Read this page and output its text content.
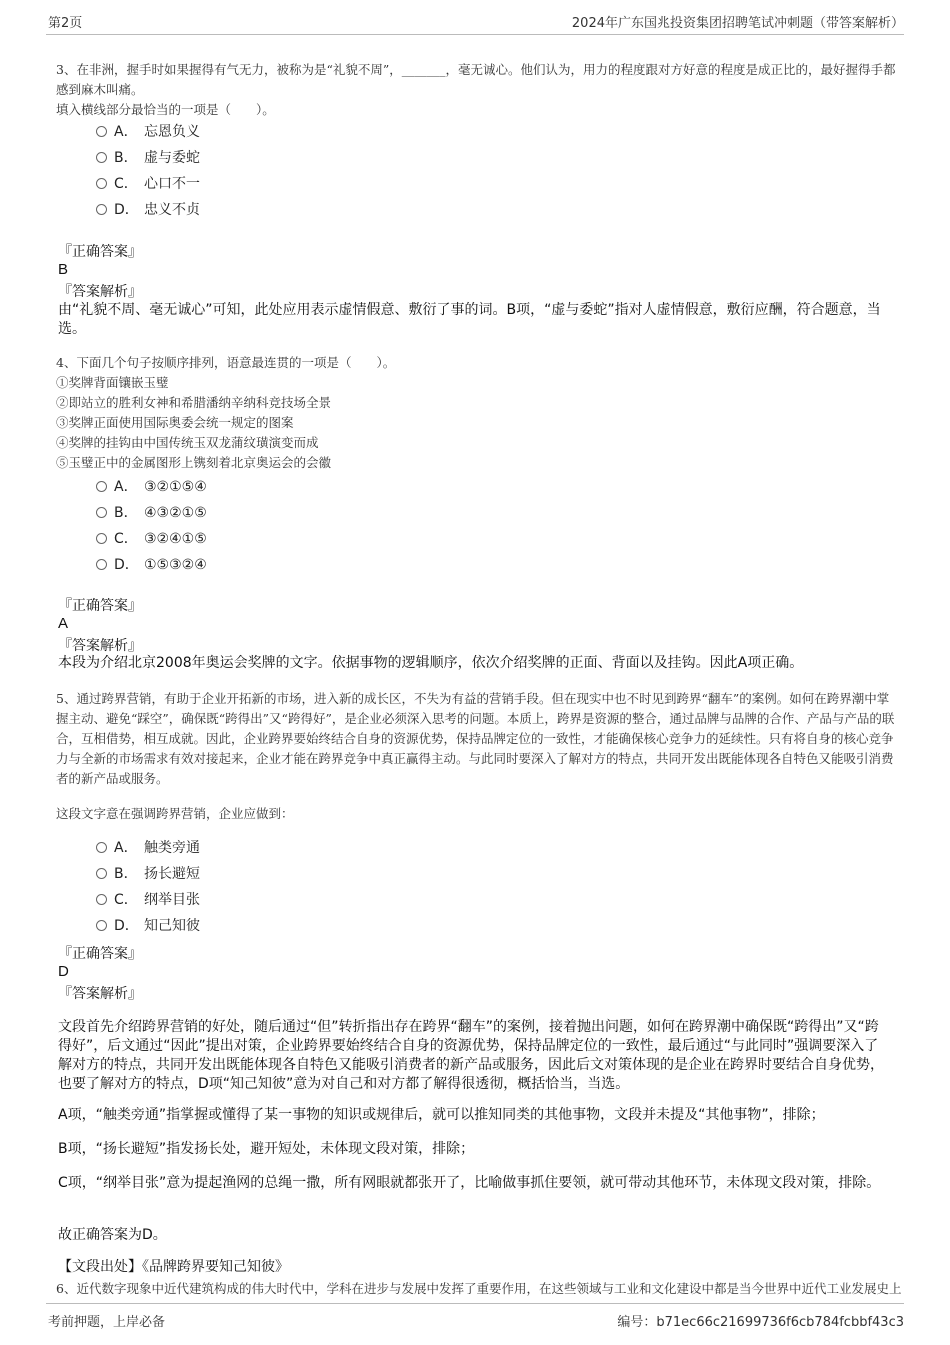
第2页	2024年广东国兆投资集团招聘笔试冲刺题（带答案解析）

3、在非洲，握手时如果握得有气无力，被称为是“礼貌不周”，_______，毫无诚心。他们认为，用力的程度跟对方好意的程度是成正比的，最好握得手都感到麻木叫痛。

填入横线部分最恰当的一项是（　　）。

A． 忘恩负义
B． 虚与委蛇
C． 心口不一
D． 忠义不贞
『正确答案』
B
『答案解析』

由“礼貌不周、毫无诚心”可知，此处应用表示虚情假意、敷衍了事的词。B项，“虚与委蛇”指对人虚情假意，敷衍应酬，符合题意，当选。

4、下面几个句子按顺序排列，语意最连贯的一项是（　　）。

①奖牌背面镶嵌玉璧

②即站立的胜利女神和希腊潘纳辛纳科竞技场全景

③奖牌正面使用国际奥委会统一规定的图案

④奖牌的挂钩由中国传统玉双龙蒲纹璜演变而成

⑤玉璧正中的金属图形上镌刻着北京奥运会的会徽

A． ③②①⑤④
B． ④③②①⑤
C． ③②④①⑤
D． ①⑤③②④
『正确答案』
A
『答案解析』

本段为介绍北京2008年奥运会奖牌的文字。依据事物的逻辑顺序，依次介绍奖牌的正面、背面以及挂钩。因此A项正确。

5、通过跨界营销，有助于企业开拓新的市场，进入新的成长区，不失为有益的营销手段。但在现实中也不时见到跨界“翻车”的案例。如何在跨界潮中掌握主动、避免“踩空”，确保既“跨得出”又“跨得好”，是企业必须深入思考的问题。本质上，跨界是资源的整合，通过品牌与品牌的合作、产品与产品的联合，互相借势，相互成就。因此，企业跨界要始终结合自身的资源优势，保持品牌定位的一致性，才能确保核心竞争力的延续性。只有将自身的核心竞争力与全新的市场需求有效对接起来，企业才能在跨界竞争中真正赢得主动。与此同时要深入了解对方的特点，共同开发出既能体现各自特色又能吸引消费者的新产品或服务。

这段文字意在强调跨界营销，企业应做到：

A． 触类旁通
B． 扬长避短
C． 纲举目张
D． 知己知彼
『正确答案』
D
『答案解析』

文段首先介绍跨界营销的好处，随后通过“但”转折指出存在跨界“翻车”的案例，接着抛出问题，如何在跨界潮中确保既“跨得出”又“跨得好”，后文通过“因此”提出对策，企业跨界要始终结合自身的资源优势，保持品牌定位的一致性，最后通过“与此同时”强调要深入了解对方的特点，共同开发出既能体现各自特色又能吸引消费者的新产品或服务，因此后文对策体现的是企业在跨界时要结合自身优势，也要了解对方的特点，D项“知己知彼”意为对自己和对方都了解得很透彻，概括恰当，当选。

A项，“触类旁通”指掌握或懂得了某一事物的知识或规律后，就可以推知同类的其他事物，文段并未提及“其他事物”，排除；

B项，“扬长避短”指发扬长处，避开短处，未体现文段对策，排除；

C项，“纲举目张”意为提起渔网的总绳一撒，所有网眼就都张开了，比喻做事抓住要领，就可带动其他环节，未体现文段对策，排除。

故正确答案为D。

【文段出处】《品牌跨界要知己知彼》

6、近代数字现象中近代建筑构成的伟大时代中，学科在进步与发展中发挥了重要作用，在这些领域与工业和文化建设中都是当今世界中近代工业发展史上
考前押题，上岸必备	编号：b71ec66c21699736f6cb784fcbbf43c3
